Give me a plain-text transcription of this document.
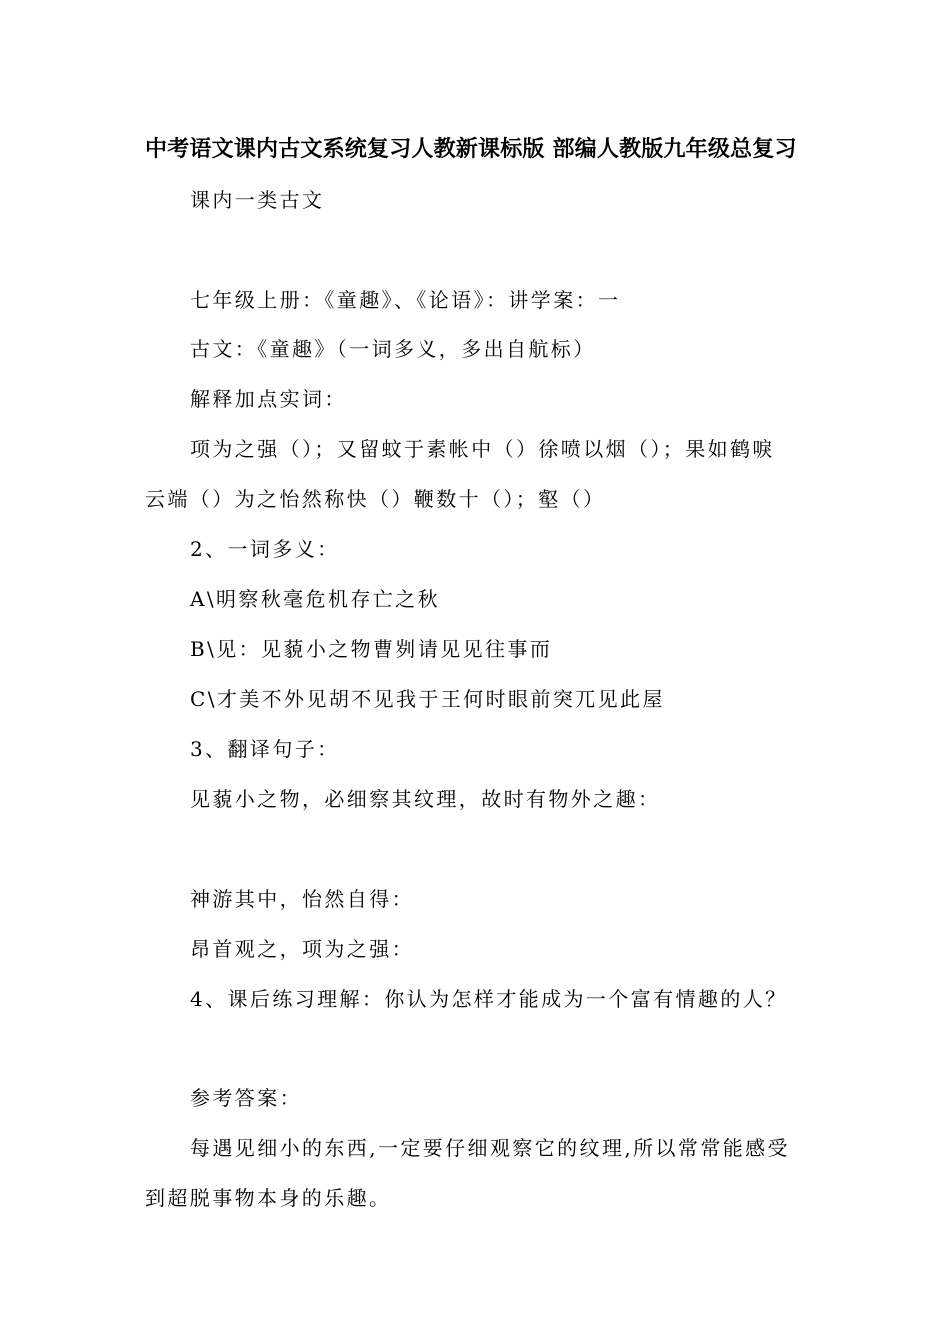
中考语文课内古文系统复习人教新课标版 部编人教版九年级总复习
课内一类古文
七年级上册：《童趣》、《论语》：讲学案：一
古文：《童趣》（一词多义，多出自航标）
解释加点实词：
项为之强（）；又留蚊于素帐中（）徐喷以烟（）；果如鹤唳
云端（）为之怡然称快（）鞭数十（）；壑（）
2、一词多义：
A\明察秋毫危机存亡之秋
B\见：见藐小之物曹刿请见见往事而
C\才美不外见胡不见我于王何时眼前突兀见此屋
3、翻译句子：
见藐小之物，必细察其纹理，故时有物外之趣：
神游其中，怡然自得：
昂首观之，项为之强：
4、课后练习理解：你认为怎样才能成为一个富有情趣的人？
参考答案：
每遇见细小的东西,一定要仔细观察它的纹理,所以常常能感受
到超脱事物本身的乐趣。
